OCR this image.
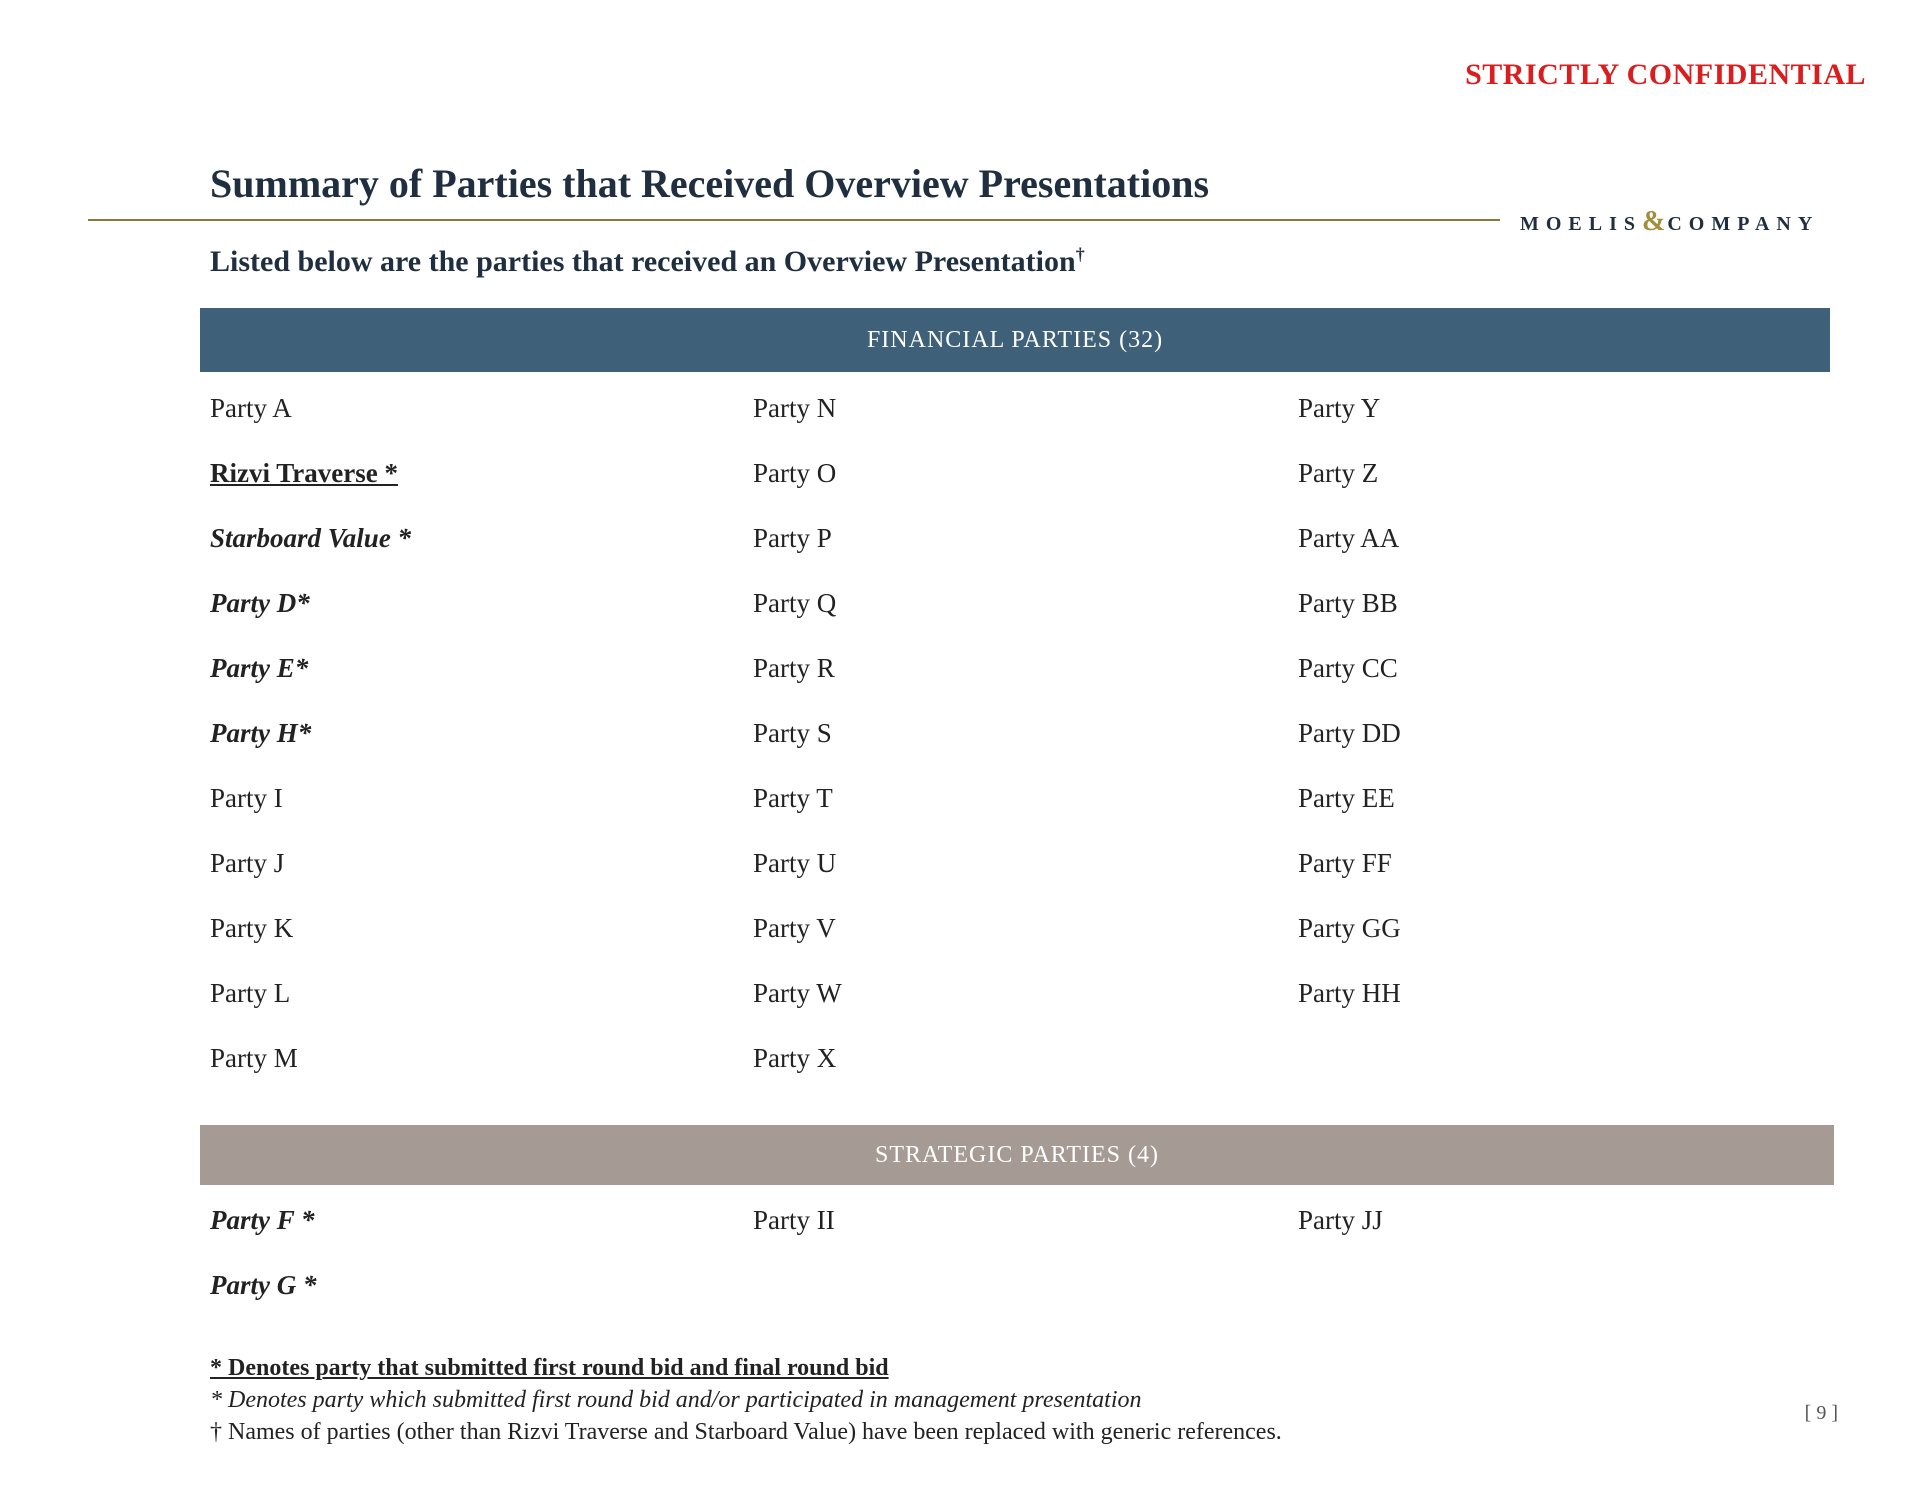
STRICTLY CONFIDENTIAL
Summary of Parties that Received Overview Presentations
MOELIS&COMPANY
Listed below are the parties that received an Overview Presentation†
FINANCIAL PARTIES (32)
Party A	Party N	Party Y
Rizvi Traverse *	Party O	Party Z
Starboard Value *	Party P	Party AA
Party D*	Party Q	Party BB
Party E*	Party R	Party CC
Party H*	Party S	Party DD
Party I	Party T	Party EE
Party J	Party U	Party FF
Party K	Party V	Party GG
Party L	Party W	Party HH
Party M	Party X
STRATEGIC PARTIES (4)
Party F *	Party II	Party JJ
Party G *
* Denotes party that submitted first round bid and final round bid
* Denotes party which submitted first round bid and/or participated in management presentation
† Names of parties (other than Rizvi Traverse and Starboard Value) have been replaced with generic references.
[ 9 ]
